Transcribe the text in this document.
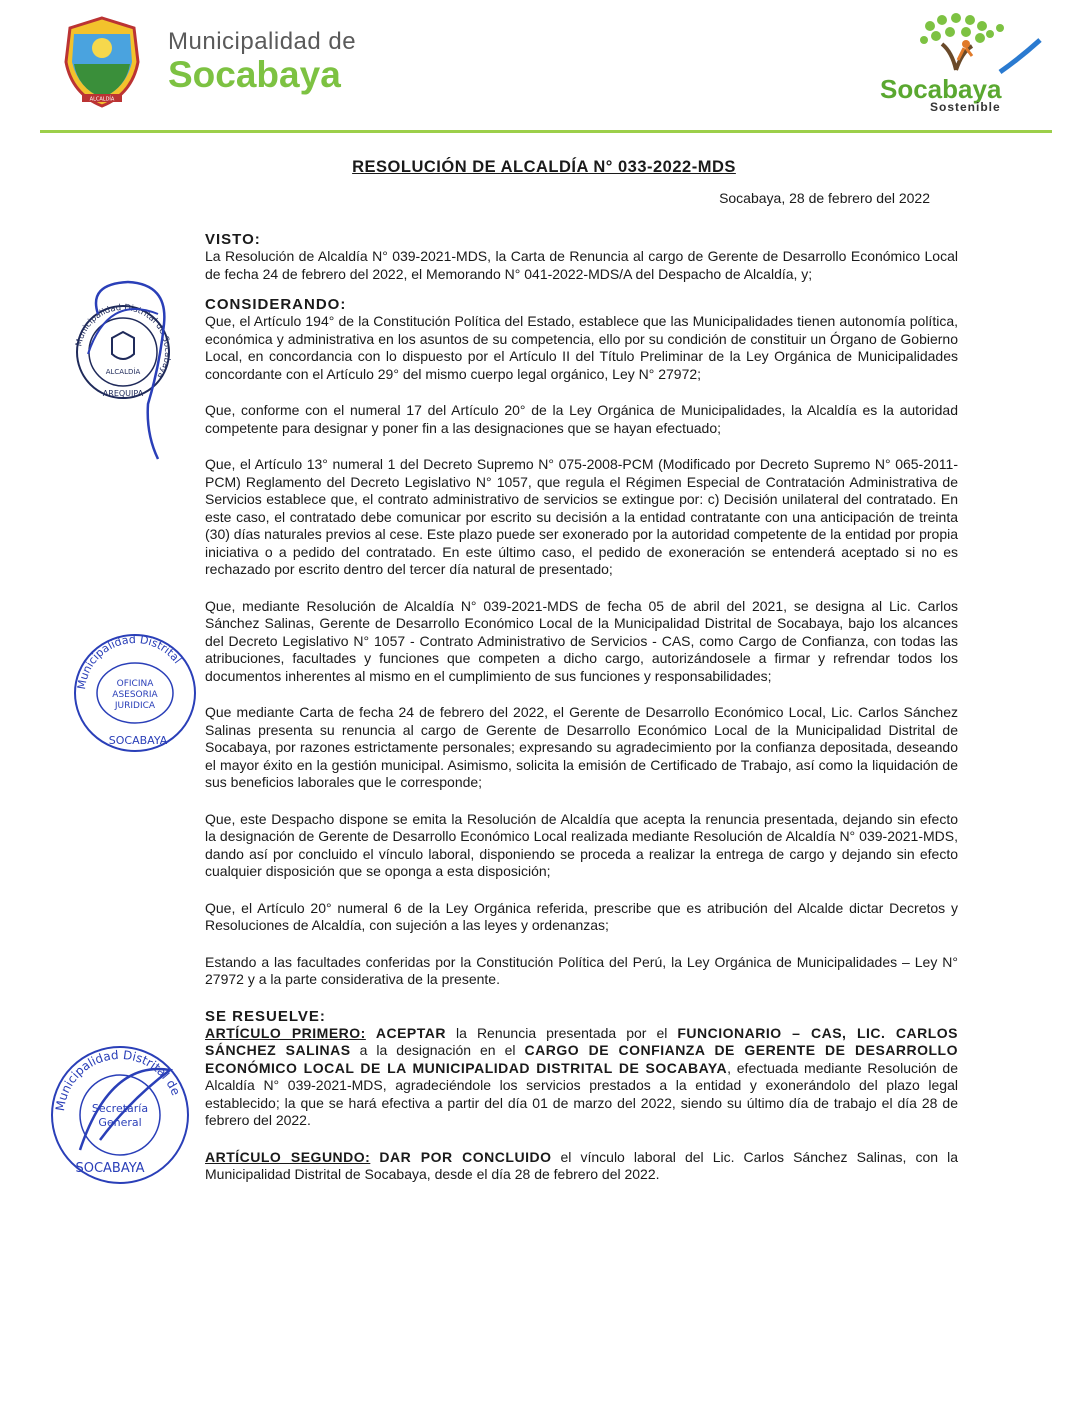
ALCALDÍA
Municipalidad de
Socabaya	Socabaya
Sostenible
RESOLUCIÓN DE ALCALDÍA N° 033-2022-MDS
Socabaya, 28 de febrero del 2022
Municipalidad Distrital de Socabaya
ALCALDÍA
AREQUIPA
Municipalidad Distrital
OFICINA
ASESORIA
JURIDICA
SOCABAYA
Municipalidad Distrital de
Secretaría
General
SOCABAYA
VISTO:

La Resolución de Alcaldía N° 039-2021-MDS, la Carta de Renuncia al cargo de Gerente de Desarrollo Económico Local de fecha 24 de febrero del 2022, el Memorando N° 041-2022-MDS/A del Despacho de Alcaldía, y;

CONSIDERANDO:

Que, el Artículo 194° de la Constitución Política del Estado, establece que las Municipalidades tienen autonomía política, económica y administrativa en los asuntos de su competencia, ello por su condición de constituir un Órgano de Gobierno Local, en concordancia con lo dispuesto por el Artículo II del Título Preliminar de la Ley Orgánica de Municipalidades concordante con el Artículo 29° del mismo cuerpo legal orgánico, Ley N° 27972;

Que, conforme con el numeral 17 del Artículo 20° de la Ley Orgánica de Municipalidades, la Alcaldía es la autoridad competente para designar y poner fin a las designaciones que se hayan efectuado;

Que, el Artículo 13° numeral 1 del Decreto Supremo N° 075-2008-PCM (Modificado por Decreto Supremo N° 065-2011-PCM) Reglamento del Decreto Legislativo N° 1057, que regula el Régimen Especial de Contratación Administrativa de Servicios establece que, el contrato administrativo de servicios se extingue por: c) Decisión unilateral del contratado. En este caso, el contratado debe comunicar por escrito su decisión a la entidad contratante con una anticipación de treinta (30) días naturales previos al cese. Este plazo puede ser exonerado por la autoridad competente de la entidad por propia iniciativa o a pedido del contratado. En este último caso, el pedido de exoneración se entenderá aceptado si no es rechazado por escrito dentro del tercer día natural de presentado;

Que, mediante Resolución de Alcaldía N° 039-2021-MDS de fecha 05 de abril del 2021, se designa al Lic. Carlos Sánchez Salinas, Gerente de Desarrollo Económico Local de la Municipalidad Distrital de Socabaya, bajo los alcances del Decreto Legislativo N° 1057 - Contrato Administrativo de Servicios - CAS, como Cargo de Confianza, con todas las atribuciones, facultades y funciones que competen a dicho cargo, autorizándosele a firmar y refrendar todos los documentos inherentes al mismo en el cumplimiento de sus funciones y responsabilidades;

Que mediante Carta de fecha 24 de febrero del 2022, el Gerente de Desarrollo Económico Local, Lic. Carlos Sánchez Salinas presenta su renuncia al cargo de Gerente de Desarrollo Económico Local de la Municipalidad Distrital de Socabaya, por razones estrictamente personales; expresando su agradecimiento por la confianza depositada, deseando el mayor éxito en la gestión municipal. Asimismo, solicita la emisión de Certificado de Trabajo, así como la liquidación de sus beneficios laborales que le corresponde;

Que, este Despacho dispone se emita la Resolución de Alcaldía que acepta la renuncia presentada, dejando sin efecto la designación de Gerente de Desarrollo Económico Local realizada mediante Resolución de Alcaldía N° 039-2021-MDS, dando así por concluido el vínculo laboral, disponiendo se proceda a realizar la entrega de cargo y dejando sin efecto cualquier disposición que se oponga a esta disposición;

Que, el Artículo 20° numeral 6 de la Ley Orgánica referida, prescribe que es atribución del Alcalde dictar Decretos y Resoluciones de Alcaldía, con sujeción a las leyes y ordenanzas;

Estando a las facultades conferidas por la Constitución Política del Perú, la Ley Orgánica de Municipalidades – Ley N° 27972 y a la parte considerativa de la presente.

SE RESUELVE:

ARTÍCULO PRIMERO: ACEPTAR la Renuncia presentada por el FUNCIONARIO – CAS, LIC. CARLOS SÁNCHEZ SALINAS a la designación en el CARGO DE CONFIANZA DE GERENTE DE DESARROLLO ECONÓMICO LOCAL DE LA MUNICIPALIDAD DISTRITAL DE SOCABAYA, efectuada mediante Resolución de Alcaldía N° 039-2021-MDS, agradeciéndole los servicios prestados a la entidad y exonerándolo del plazo legal establecido; la que se hará efectiva a partir del día 01 de marzo del 2022, siendo su último día de trabajo el día 28 de febrero del 2022.

ARTÍCULO SEGUNDO: DAR POR CONCLUIDO el vínculo laboral del Lic. Carlos Sánchez Salinas, con la Municipalidad Distrital de Socabaya, desde el día 28 de febrero del 2022.
